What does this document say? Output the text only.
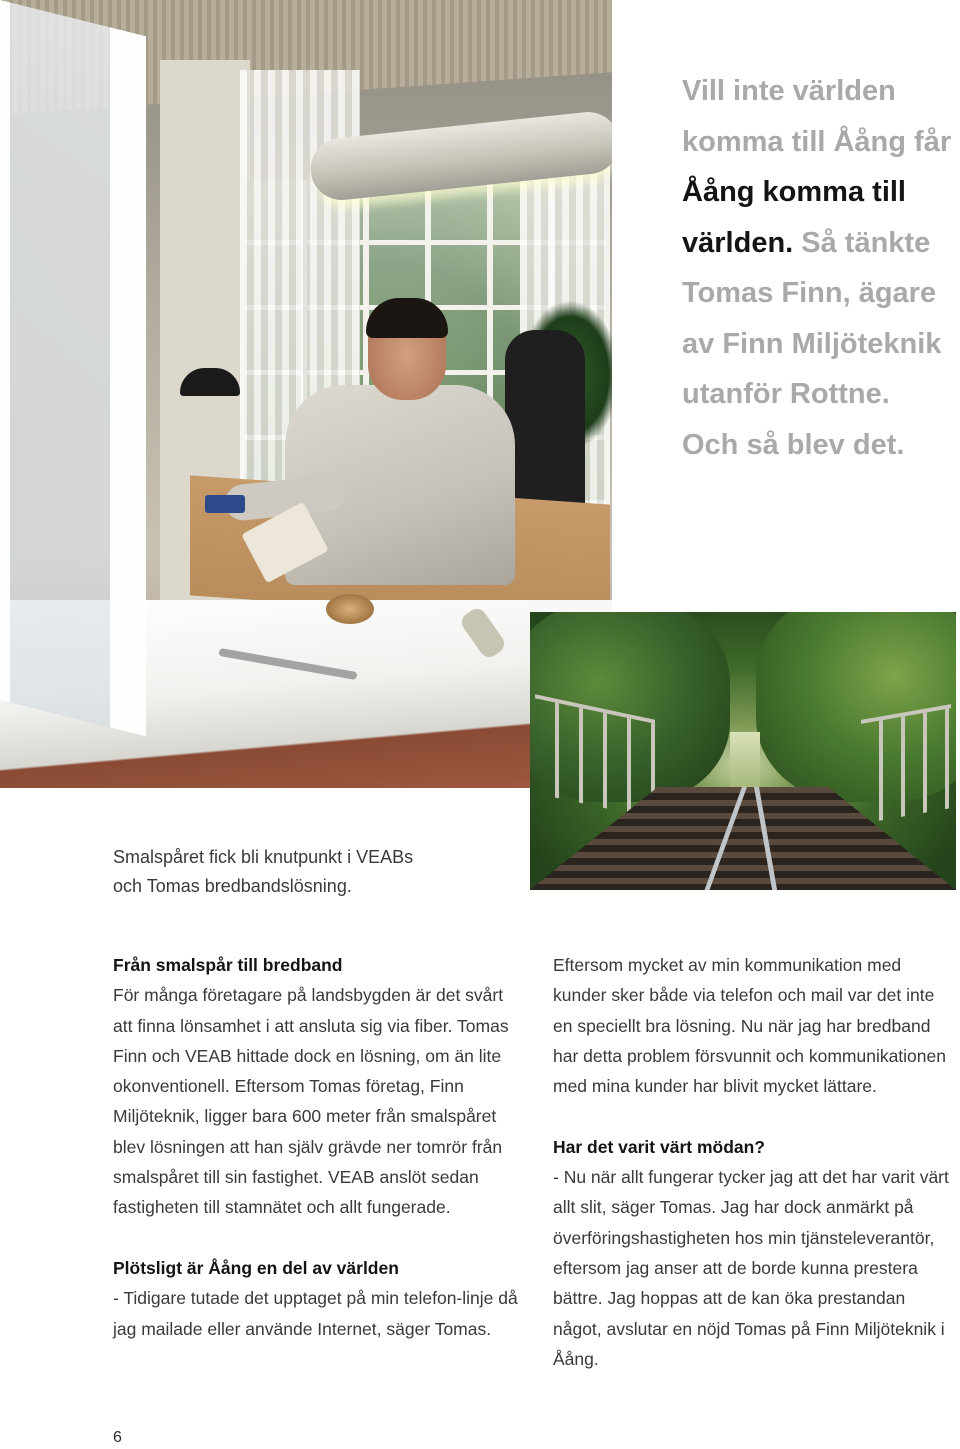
Vill inte världen komma till Åång får Åång komma till världen. Så tänkte Tomas Finn, ägare av Finn Miljöteknik utanför Rottne. Och så blev det.

Smalspåret fick bli knutpunkt i VEABs
och Tomas bredbandslösning.

Från smalspår till bredband

För många företagare på landsbygden är det svårt att finna lönsamhet i att ansluta sig via fiber. Tomas Finn och VEAB hittade dock en lösning, om än lite okonventionell. Eftersom Tomas företag, Finn Miljöteknik, ligger bara 600 meter från smalspåret blev lösningen att han själv grävde ner tomrör från smalspåret till sin fastighet. VEAB anslöt sedan fastigheten till stamnätet och allt fungerade.

Plötsligt är Åång en del av världen

- Tidigare tutade det upptaget på min telefon-linje då jag mailade eller använde Internet, säger Tomas.

Eftersom mycket av min kommunikation med kunder sker både via telefon och mail var det inte en speciellt bra lösning. Nu när jag har bredband har detta problem försvunnit och kommunikationen med mina kunder har blivit mycket lättare.

Har det varit värt mödan?

- Nu när allt fungerar tycker jag att det har varit värt allt slit, säger Tomas. Jag har dock anmärkt på överföringshastigheten hos min tjänsteleverantör, eftersom jag anser att de borde kunna prestera bättre. Jag hoppas att de kan öka prestandan något, avslutar en nöjd Tomas på Finn Miljöteknik i Åång.

6
